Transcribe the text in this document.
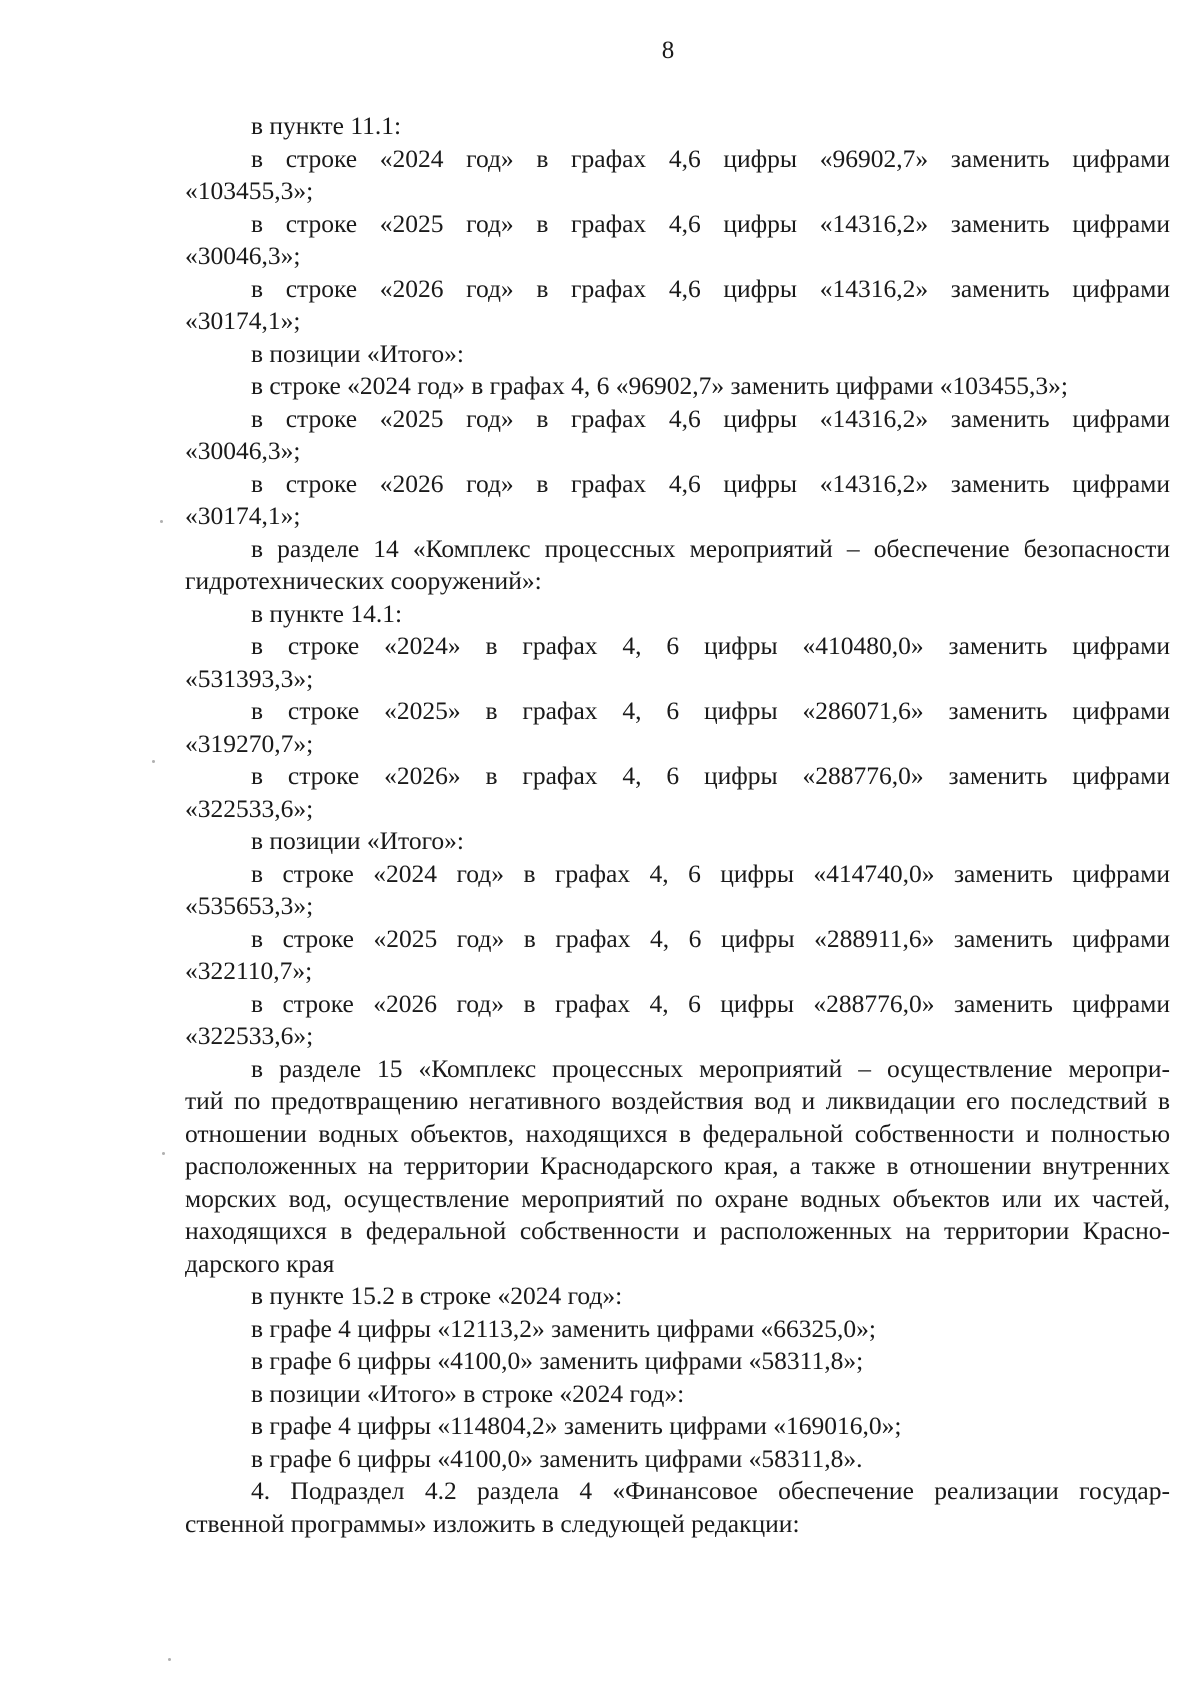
8
в пункте 11.1:
в строке «2024 год» в графах 4,6 цифры «96902,7» заменить цифрами
«103455,3»;
в строке «2025 год» в графах 4,6 цифры «14316,2» заменить цифрами
«30046,3»;
в строке «2026 год» в графах 4,6 цифры «14316,2» заменить цифрами
«30174,1»;
в позиции «Итого»:
в строке «2024 год» в графах 4, 6 «96902,7» заменить цифрами «103455,3»;
в строке «2025 год» в графах 4,6 цифры «14316,2» заменить цифрами
«30046,3»;
в строке «2026 год» в графах 4,6 цифры «14316,2» заменить цифрами
«30174,1»;
в разделе 14 «Комплекс процессных мероприятий – обеспечение безопасности
гидротехнических сооружений»:
в пункте 14.1:
в строке «2024» в графах 4, 6 цифры «410480,0» заменить цифрами
«531393,3»;
в строке «2025» в графах 4, 6 цифры «286071,6» заменить цифрами
«319270,7»;
в строке «2026» в графах 4, 6 цифры «288776,0» заменить цифрами
«322533,6»;
в позиции «Итого»:
в строке «2024 год» в графах 4, 6 цифры «414740,0» заменить цифрами
«535653,3»;
в строке «2025 год» в графах 4, 6 цифры «288911,6» заменить цифрами
«322110,7»;
в строке «2026 год» в графах 4, 6 цифры «288776,0» заменить цифрами
«322533,6»;
в разделе 15 «Комплекс процессных мероприятий – осуществление меропри-
тий по предотвращению негативного воздействия вод и ликвидации его последствий в
отношении водных объектов, находящихся в федеральной собственности и полностью
расположенных на территории Краснодарского края, а также в отношении внутренних
морских вод, осуществление мероприятий по охране водных объектов или их частей,
находящихся в федеральной собственности и расположенных на территории Красно-
дарского края
в пункте 15.2 в строке «2024 год»:
в графе 4 цифры «12113,2» заменить цифрами «66325,0»;
в графе 6 цифры «4100,0» заменить цифрами «58311,8»;
в позиции «Итого» в строке «2024 год»:
в графе 4 цифры «114804,2» заменить цифрами «169016,0»;
в графе 6 цифры «4100,0» заменить цифрами «58311,8».
4. Подраздел 4.2 раздела 4 «Финансовое обеспечение реализации государ-
ственной программы» изложить в следующей редакции:
